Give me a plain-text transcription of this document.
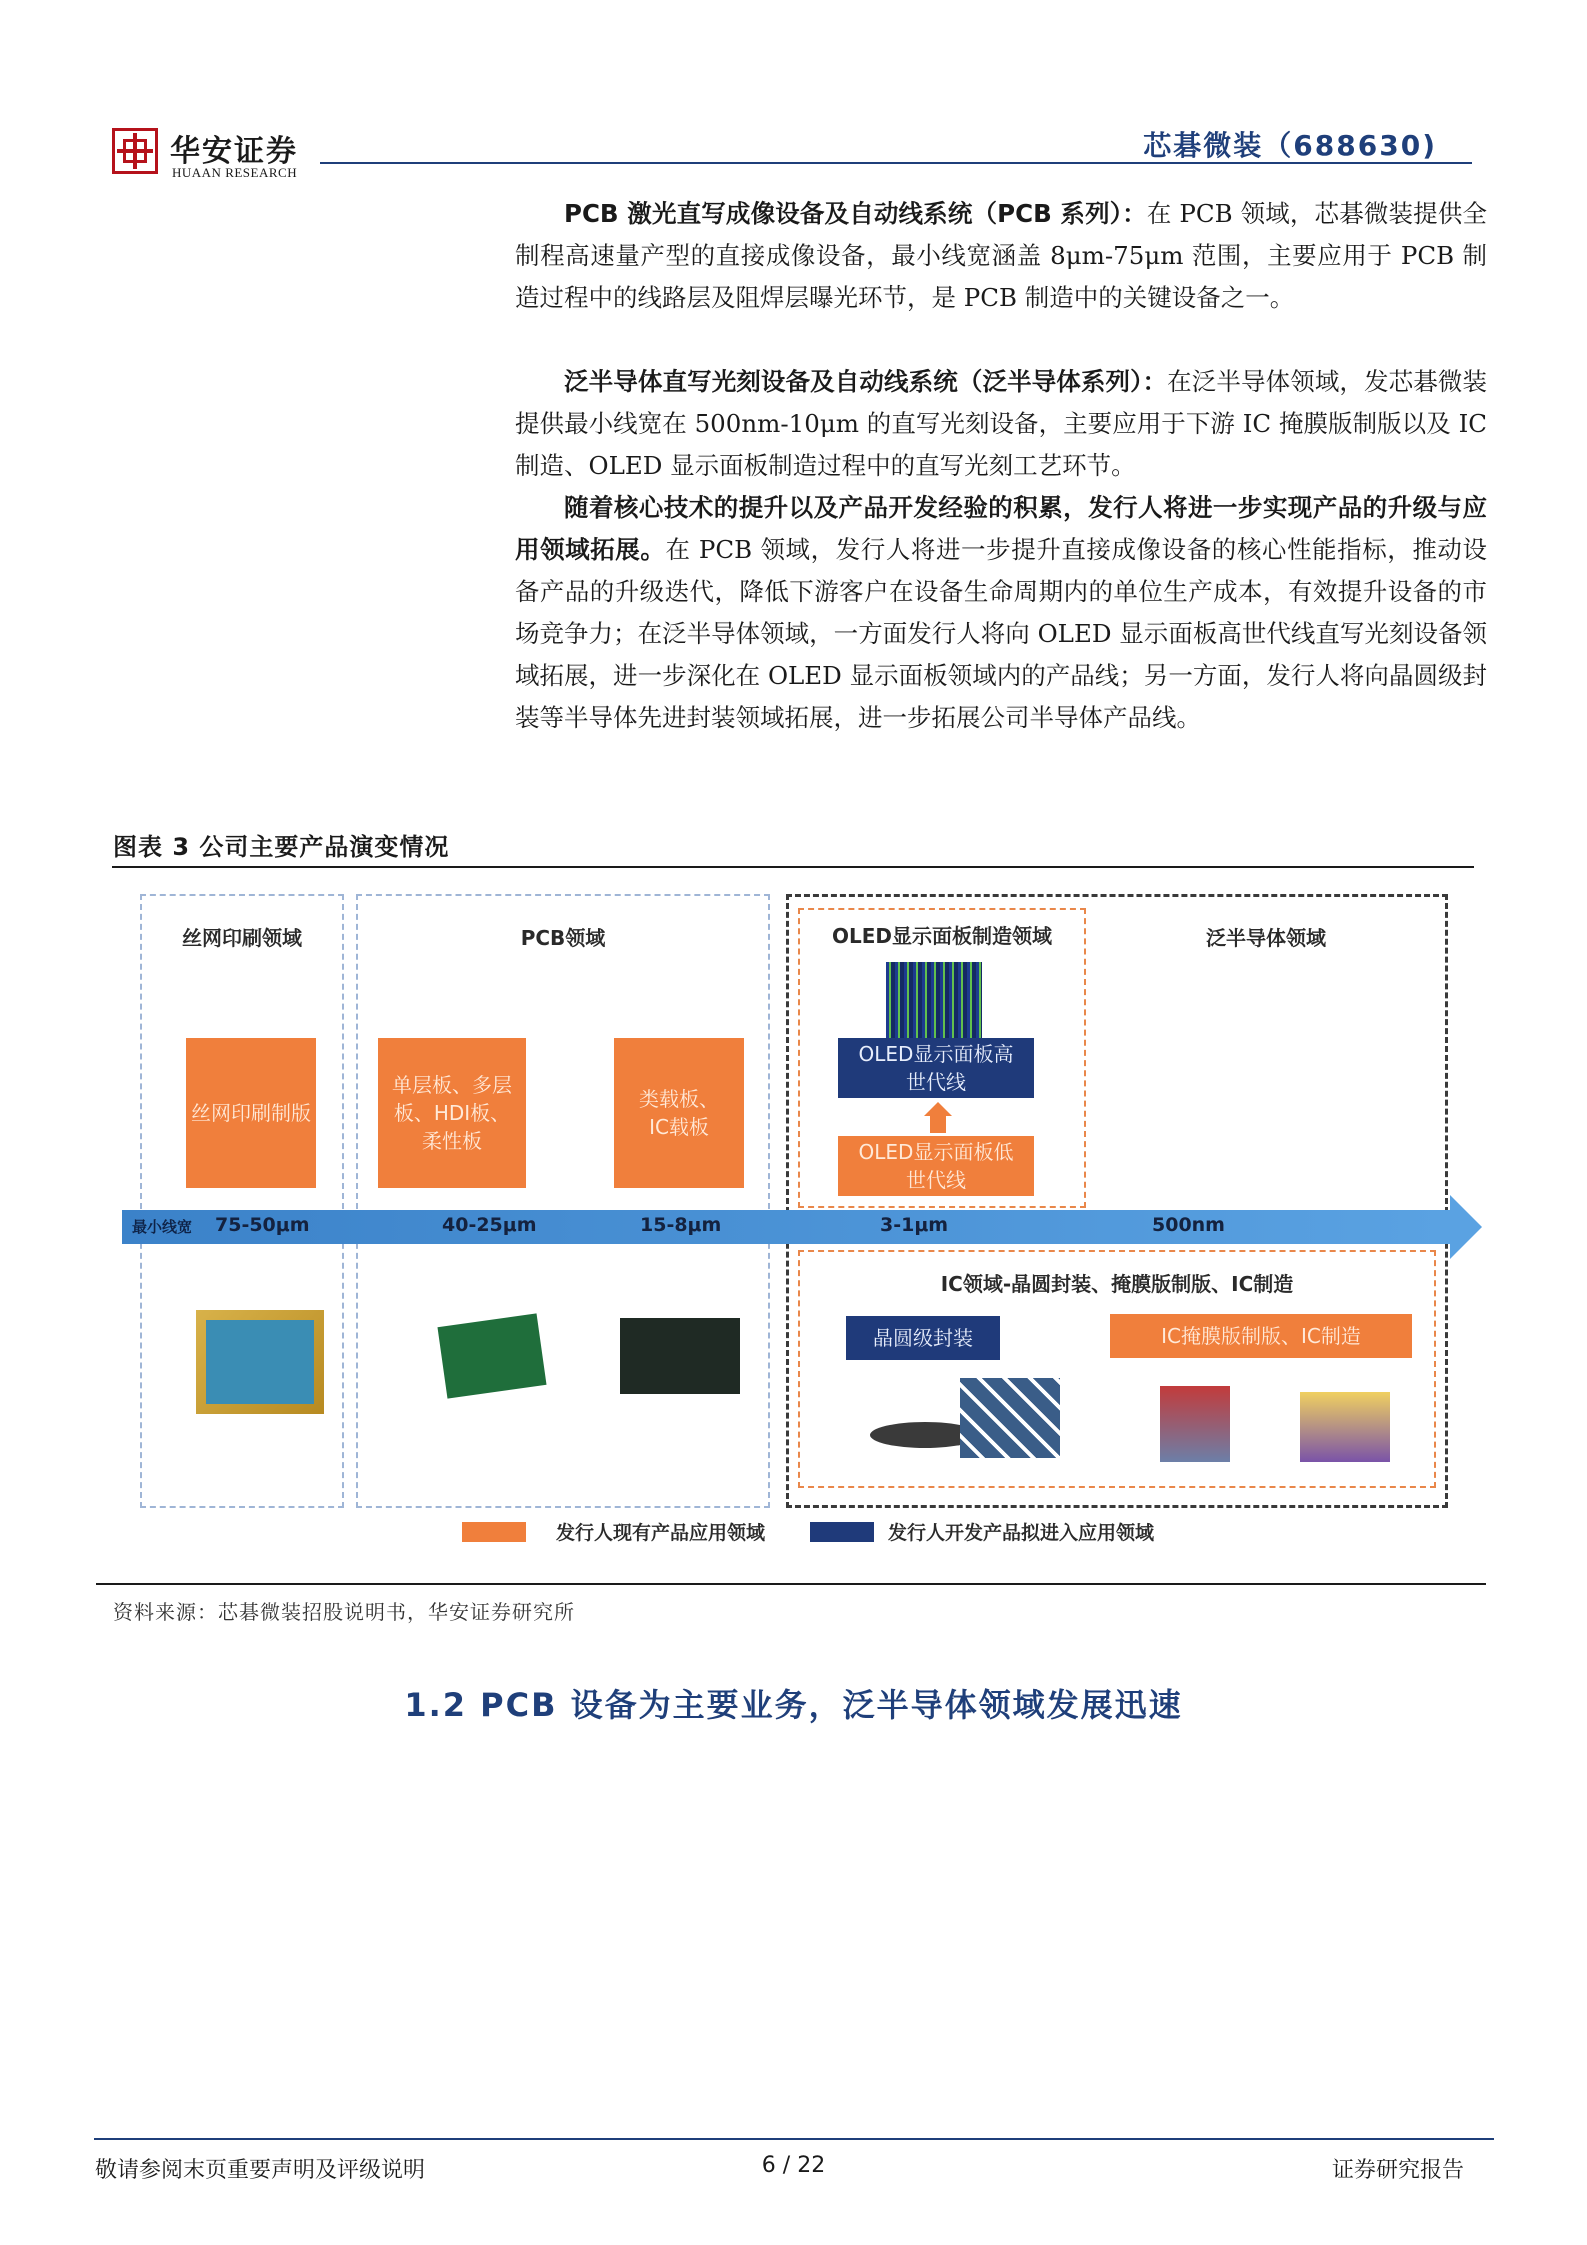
华安证券
HUAAN RESEARCH
芯碁微装（688630)
PCB 激光直写成像设备及自动线系统（PCB 系列）：在 PCB 领域，芯碁微装提供全制程高速量产型的直接成像设备，最小线宽涵盖 8μm-75μm 范围，主要应用于 PCB 制造过程中的线路层及阻焊层曝光环节，是 PCB 制造中的关键设备之一。
泛半导体直写光刻设备及自动线系统（泛半导体系列）：在泛半导体领域，发芯碁微装提供最小线宽在 500nm-10μm 的直写光刻设备，主要应用于下游 IC 掩膜版制版以及 IC 制造、OLED 显示面板制造过程中的直写光刻工艺环节。
随着核心技术的提升以及产品开发经验的积累，发行人将进一步实现产品的升级与应用领域拓展。在 PCB 领域，发行人将进一步提升直接成像设备的核心性能指标，推动设备产品的升级迭代，降低下游客户在设备生命周期内的单位生产成本，有效提升设备的市场竞争力；在泛半导体领域，一方面发行人将向 OLED 显示面板高世代线直写光刻设备领域拓展，进一步深化在 OLED 显示面板领域内的产品线；另一方面，发行人将向晶圆级封装等半导体先进封装领域拓展，进一步拓展公司半导体产品线。
图表 3 公司主要产品演变情况
丝网印刷领域	PCB领域	OLED显示面板制造领域	泛半导体领域
丝网印刷制版
单层板、多层板、HDI板、柔性板
类载板、IC载板
OLED显示面板高世代线
OLED显示面板低世代线
最小线宽 75-50μm	40-25μm	15-8μm	3-1μm	500nm
IC领域-晶圆封装、掩膜版制版、IC制造
晶圆级封装	IC掩膜版制版、IC制造
发行人现有产品应用领域	发行人开发产品拟进入应用领域
资料来源：芯碁微装招股说明书，华安证券研究所
1.2 PCB 设备为主要业务，泛半导体领域发展迅速
敬请参阅末页重要声明及评级说明	6 / 22	证券研究报告
